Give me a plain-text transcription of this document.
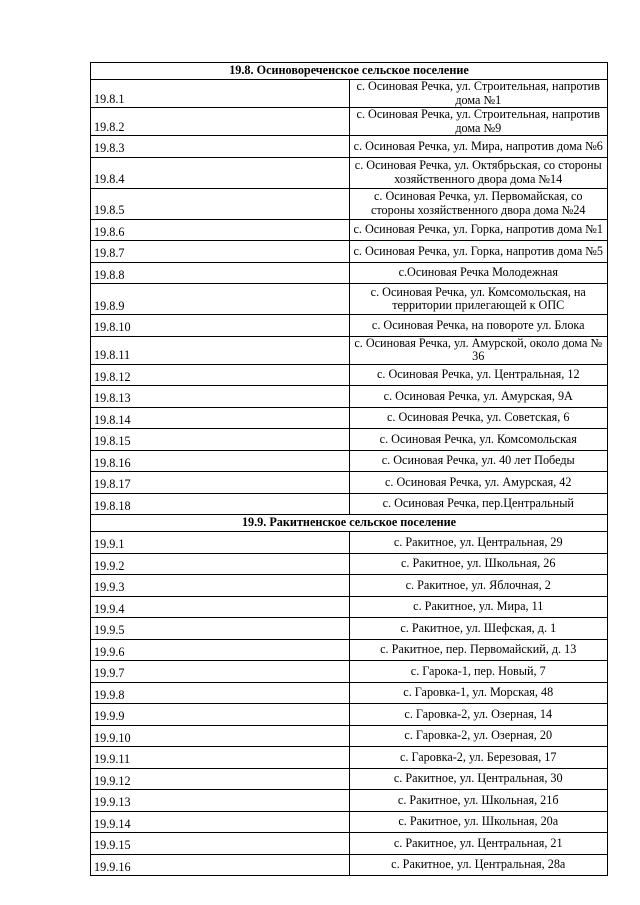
19.8. Осиновореченское сельское поселение	
19.8.1	с. Осиновая Речка, ул. Строительная, напротив дома №1
19.8.2	с. Осиновая Речка, ул. Строительная, напротив дома №9
19.8.3	с. Осиновая Речка, ул. Мира, напротив дома №6
19.8.4	с. Осиновая Речка, ул. Октябрьская, со стороны хозяйственного двора дома №14
19.8.5	с. Осиновая Речка, ул. Первомайская, со стороны хозяйственного двора дома №24
19.8.6	с. Осиновая Речка, ул. Горка, напротив дома №1
19.8.7	с. Осиновая Речка, ул. Горка, напротив дома №5
19.8.8	с.Осиновая Речка Молодежная
19.8.9	с. Осиновая Речка, ул. Комсомольская, на территории прилегающей к ОПС
19.8.10	с. Осиновая Речка, на повороте ул. Блока
19.8.11	с. Осиновая Речка, ул. Амурской, около дома № 36
19.8.12	с. Осиновая Речка, ул. Центральная, 12
19.8.13	с. Осиновая Речка, ул. Амурская, 9А
19.8.14	с. Осиновая Речка, ул. Советская, 6
19.8.15	с. Осиновая Речка, ул. Комсомольская
19.8.16	с. Осиновая Речка, ул. 40 лет Победы
19.8.17	с. Осиновая Речка, ул. Амурская, 42
19.8.18	с. Осиновая Речка, пер.Центральный
19.9. Ракитненское сельское поселение	
19.9.1	с. Ракитное, ул. Центральная, 29
19.9.2	с. Ракитное, ул. Школьная, 26
19.9.3	с. Ракитное, ул. Яблочная, 2
19.9.4	с. Ракитное, ул. Мира, 11
19.9.5	с. Ракитное, ул. Шефская, д. 1
19.9.6	с. Ракитное, пер. Первомайский, д. 13
19.9.7	с. Гарока-1, пер. Новый, 7
19.9.8	с. Гаровка-1, ул. Морская, 48
19.9.9	с. Гаровка-2, ул. Озерная, 14
19.9.10	с. Гаровка-2, ул. Озерная, 20
19.9.11	с. Гаровка-2, ул. Березовая, 17
19.9.12	с. Ракитное, ул. Центральная, 30
19.9.13	с. Ракитное, ул. Школьная, 21б
19.9.14	с. Ракитное, ул. Школьная, 20а
19.9.15	с. Ракитное, ул. Центральная, 21
19.9.16	с. Ракитное, ул. Центральная, 28а
